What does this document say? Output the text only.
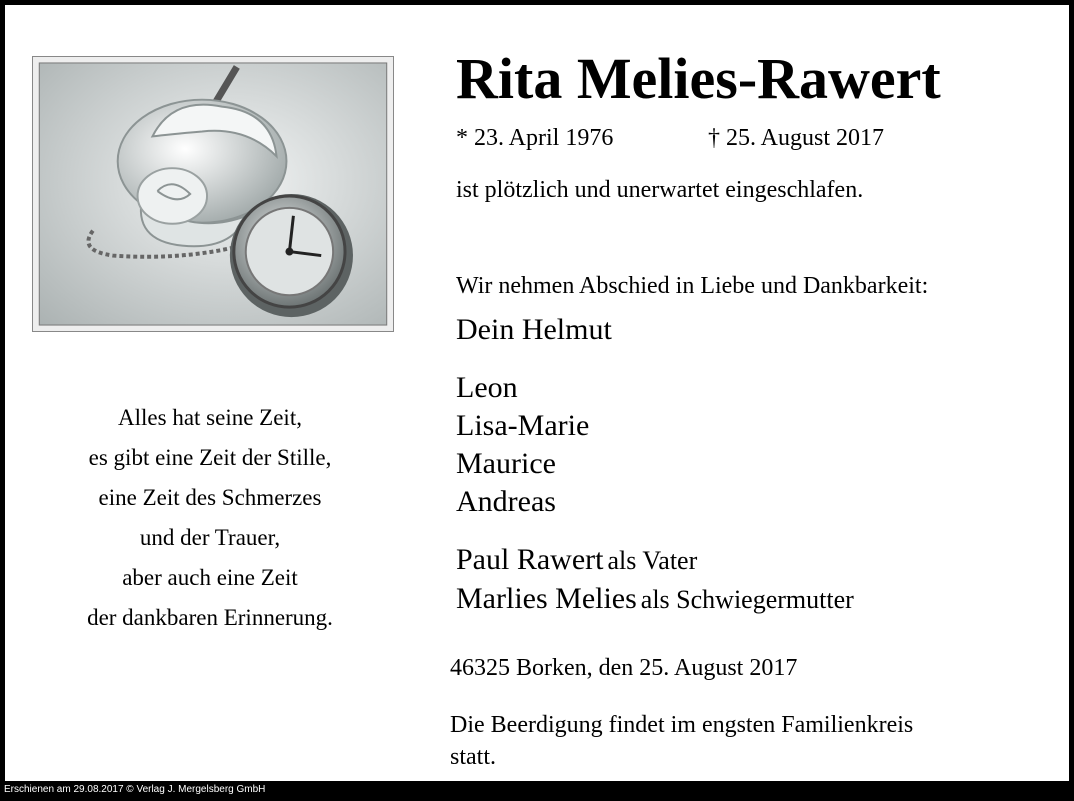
Alles hat seine Zeit,
es gibt eine Zeit der Stille,
eine Zeit des Schmerzes
und der Trauer,
aber auch eine Zeit
der dankbaren Erinnerung.
Rita Melies-Rawert
* 23. April 1976	† 25. August 2017
ist plötzlich und unerwartet eingeschlafen.
Wir nehmen Abschied in Liebe und Dankbarkeit:
Dein Helmut
Leon
Lisa-Marie
Maurice
Andreas
Paul Rawert als Vater
Marlies Melies als Schwiegermutter
46325 Borken, den 25. August 2017
Die Beerdigung findet im engsten Familienkreis
statt.
Erschienen am 29.08.2017 © Verlag J. Mergelsberg GmbH
